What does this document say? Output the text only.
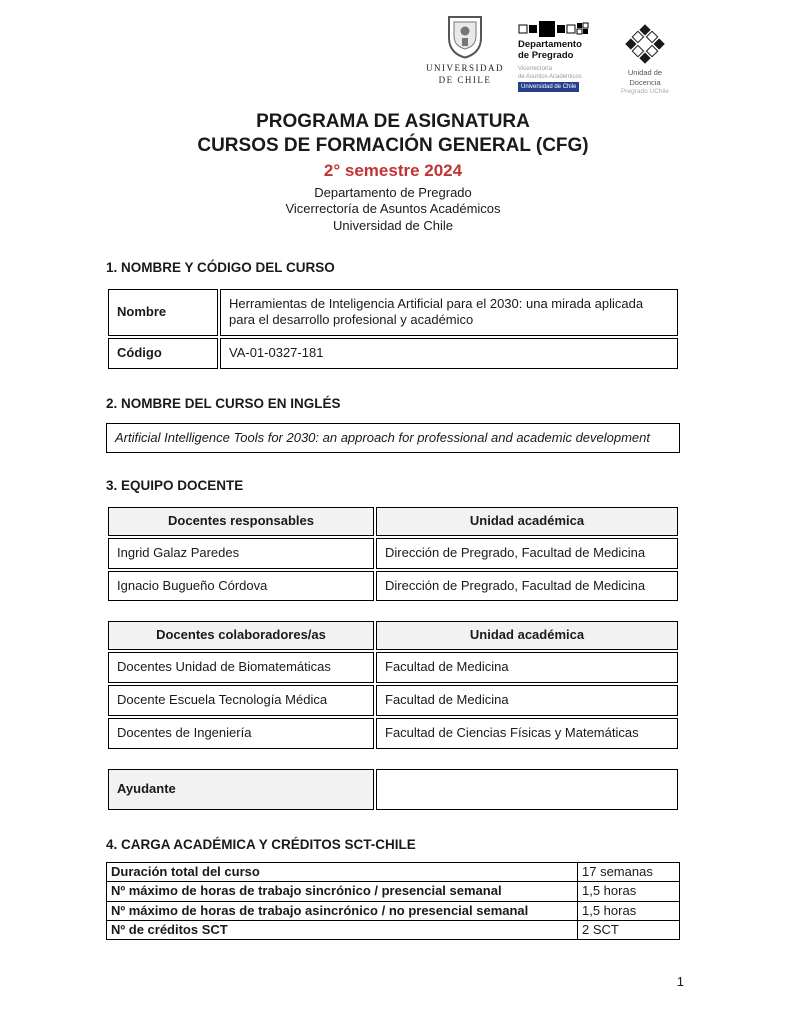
UNIVERSIDAD
DE CHILE
Departamento
de Pregrado
Vicerrectoría
de Asuntos Académicos
Universidad de Chile
Unidad de Docencia
Pregrado UChile
PROGRAMA DE ASIGNATURA
CURSOS DE FORMACIÓN GENERAL (CFG)
2° semestre 2024
Departamento de Pregrado
Vicerrectoría de Asuntos Académicos
Universidad de Chile
1. NOMBRE Y CÓDIGO DEL CURSO
Nombre	Herramientas de Inteligencia Artificial para el 2030: una mirada aplicada para el desarrollo profesional y académico
Código	VA-01-0327-181
2. NOMBRE DEL CURSO EN INGLÉS
Artificial Intelligence Tools for 2030: an approach for professional and academic development
3. EQUIPO DOCENTE
Docentes responsables	Unidad académica
Ingrid Galaz Paredes	Dirección de Pregrado, Facultad de Medicina
Ignacio Bugueño Córdova	Dirección de Pregrado, Facultad de Medicina
Docentes colaboradores/as	Unidad académica
Docentes Unidad de Biomatemáticas	Facultad de Medicina
Docente Escuela Tecnología Médica	Facultad de Medicina
Docentes de Ingeniería	Facultad de Ciencias Físicas y Matemáticas
Ayudante	
4. CARGA ACADÉMICA Y CRÉDITOS SCT-CHILE
Duración total del curso	17 semanas
Nº máximo de horas de trabajo sincrónico / presencial semanal	1,5 horas
Nº máximo de horas de trabajo asincrónico / no presencial semanal	1,5 horas
Nº de créditos SCT	2 SCT
1
